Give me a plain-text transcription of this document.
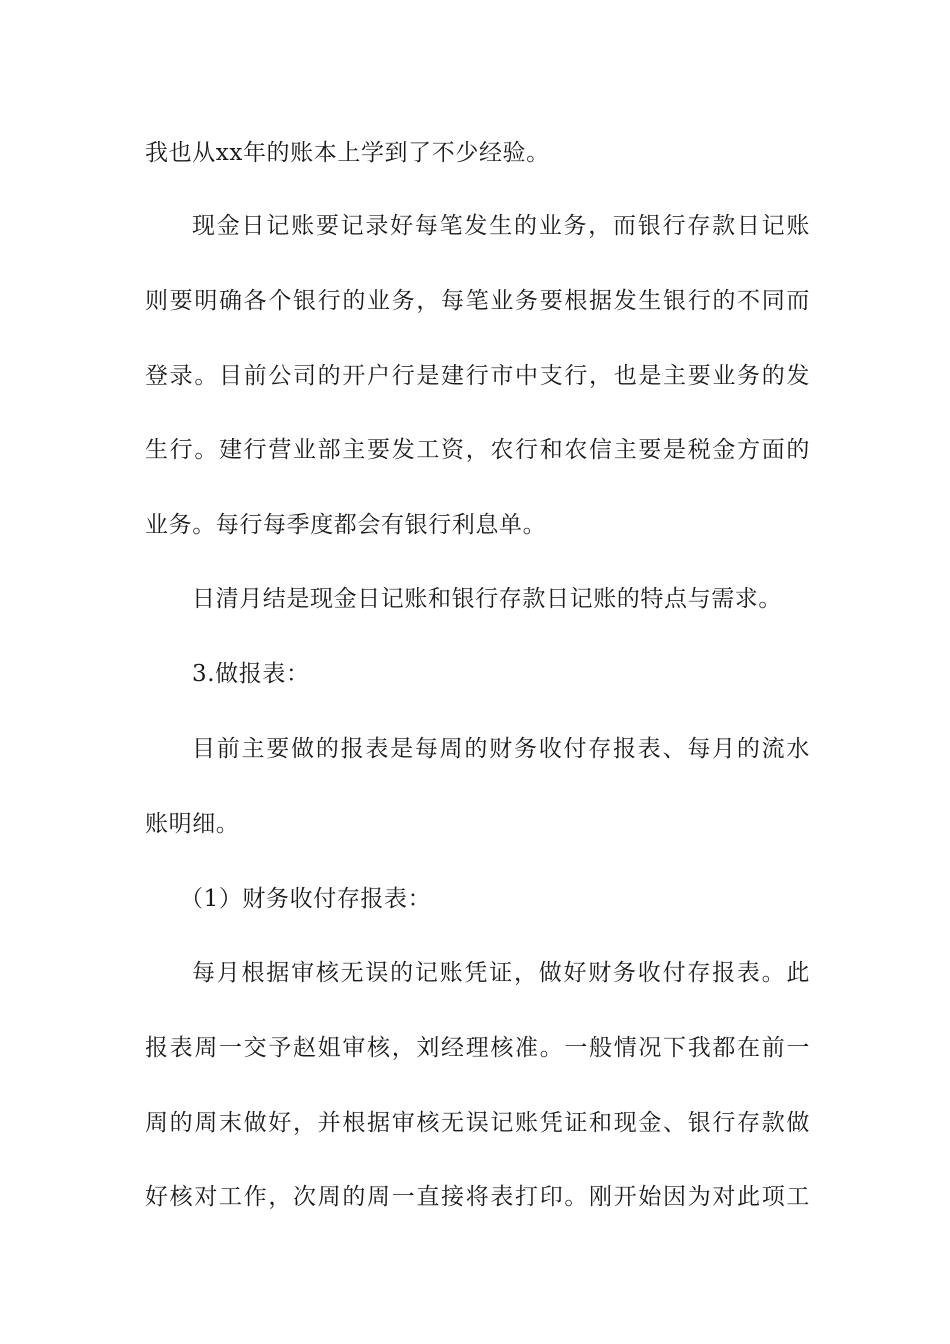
我也从xx年的账本上学到了不少经验。
现金日记账要记录好每笔发生的业务，而银行存款日记账
则要明确各个银行的业务，每笔业务要根据发生银行的不同而
登录。目前公司的开户行是建行市中支行，也是主要业务的发
生行。建行营业部主要发工资，农行和农信主要是税金方面的
业务。每行每季度都会有银行利息单。
日清月结是现金日记账和银行存款日记账的特点与需求。
3.做报表：
目前主要做的报表是每周的财务收付存报表、每月的流水
账明细。
（1）财务收付存报表：
每月根据审核无误的记账凭证，做好财务收付存报表。此
报表周一交予赵姐审核，刘经理核准。一般情况下我都在前一
周的周末做好，并根据审核无误记账凭证和现金、银行存款做
好核对工作，次周的周一直接将表打印。刚开始因为对此项工
